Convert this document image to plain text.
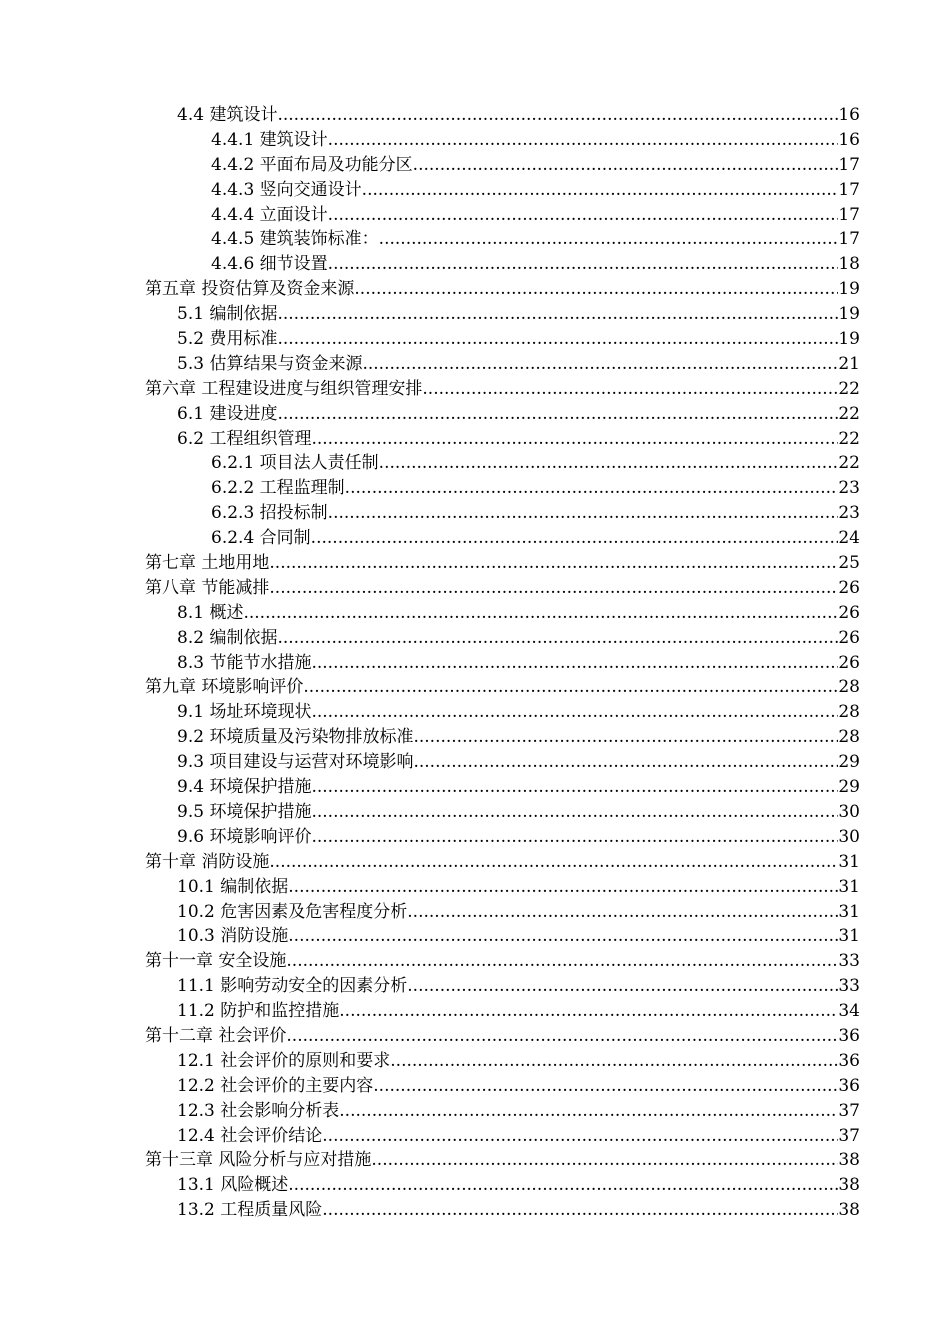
4.4 建筑设计 .....	16
4.4.1 建筑设计 .....	16
4.4.2 平面布局及功能分区 .....	17
4.4.3 竖向交通设计 .....	17
4.4.4 立面设计 .....	17
4.4.5 建筑装饰标准： .....	17
4.4.6 细节设置 .....	18
第五章 投资估算及资金来源 .....	19
5.1 编制依据 .....	19
5.2 费用标准 .....	19
5.3 估算结果与资金来源 .....	21
第六章 工程建设进度与组织管理安排 .....	22
6.1 建设进度 .....	22
6.2 工程组织管理 .....	22
6.2.1 项目法人责任制 .....	22
6.2.2 工程监理制 .....	23
6.2.3 招投标制 .....	23
6.2.4 合同制 .....	24
第七章 土地用地 .....	25
第八章 节能减排 .....	26
8.1 概述 .....	26
8.2 编制依据 .....	26
8.3 节能节水措施 .....	26
第九章 环境影响评价 .....	28
9.1 场址环境现状 .....	28
9.2 环境质量及污染物排放标准 .....	28
9.3 项目建设与运营对环境影响 .....	29
9.4 环境保护措施 .....	29
9.5 环境保护措施 .....	30
9.6 环境影响评价 .....	30
第十章 消防设施 .....	31
10.1 编制依据 .....	31
10.2 危害因素及危害程度分析 .....	31
10.3 消防设施 .....	31
第十一章 安全设施 .....	33
11.1 影响劳动安全的因素分析 .....	33
11.2 防护和监控措施 .....	34
第十二章 社会评价 .....	36
12.1 社会评价的原则和要求 .....	36
12.2 社会评价的主要内容 .....	36
12.3 社会影响分析表 .....	37
12.4 社会评价结论 .....	37
第十三章 风险分析与应对措施 .....	38
13.1 风险概述 .....	38
13.2 工程质量风险 .....	38
